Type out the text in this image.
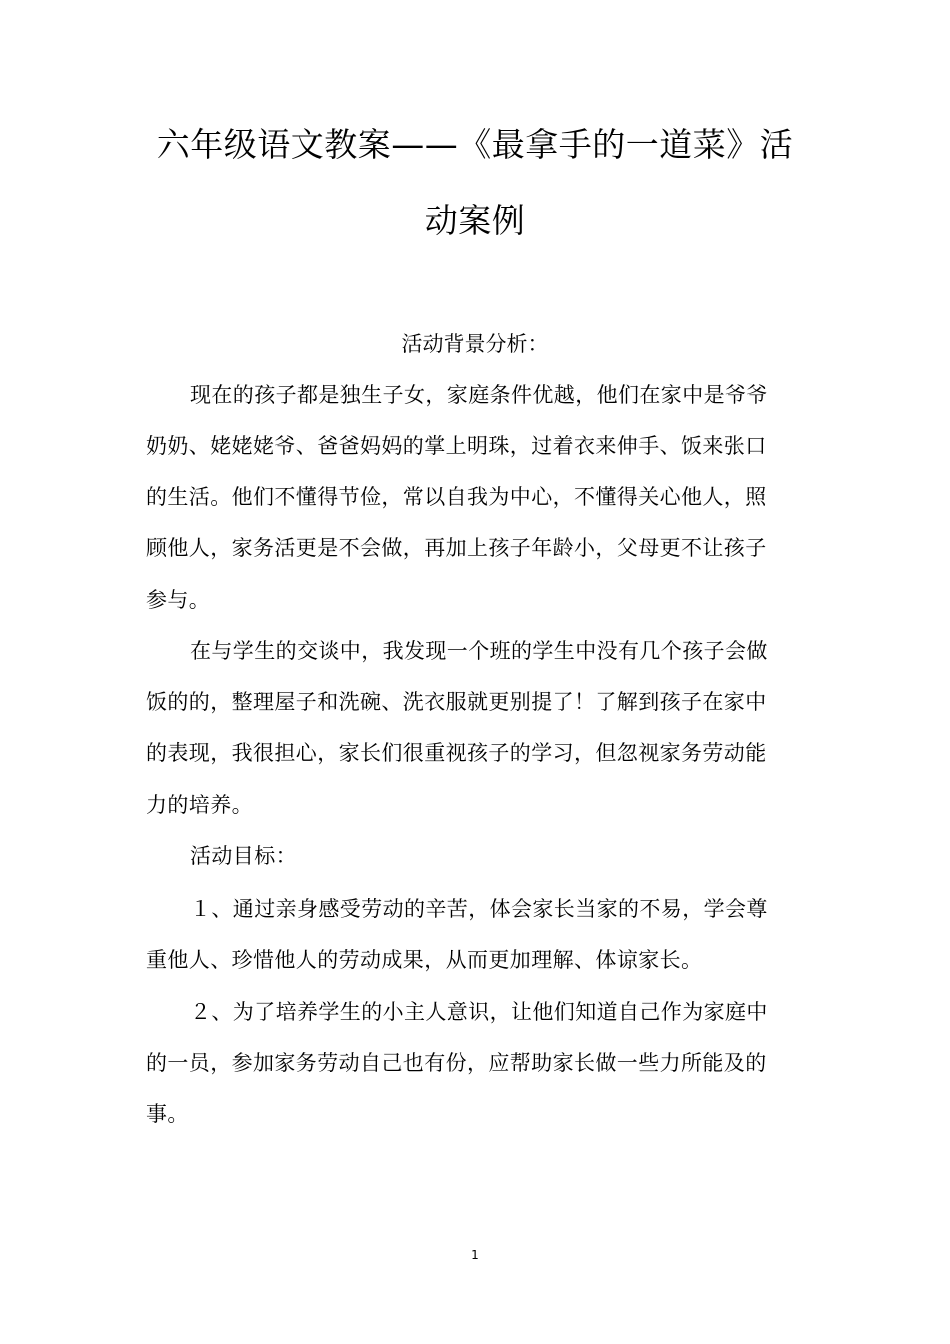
六年级语文教案——《最拿手的一道菜》活
动案例
活动背景分析：
现在的孩子都是独生子女，家庭条件优越，他们在家中是爷爷
奶奶、姥姥姥爷、爸爸妈妈的掌上明珠，过着衣来伸手、饭来张口
的生活。他们不懂得节俭，常以自我为中心，不懂得关心他人，照
顾他人，家务活更是不会做，再加上孩子年龄小，父母更不让孩子
参与。
在与学生的交谈中，我发现一个班的学生中没有几个孩子会做
饭的的，整理屋子和洗碗、洗衣服就更别提了！了解到孩子在家中
的表现，我很担心，家长们很重视孩子的学习，但忽视家务劳动能
力的培养。
活动目标：
１、通过亲身感受劳动的辛苦，体会家长当家的不易，学会尊
重他人、珍惜他人的劳动成果，从而更加理解、体谅家长。
２、为了培养学生的小主人意识，让他们知道自己作为家庭中
的一员，参加家务劳动自己也有份，应帮助家长做一些力所能及的
事。
1
